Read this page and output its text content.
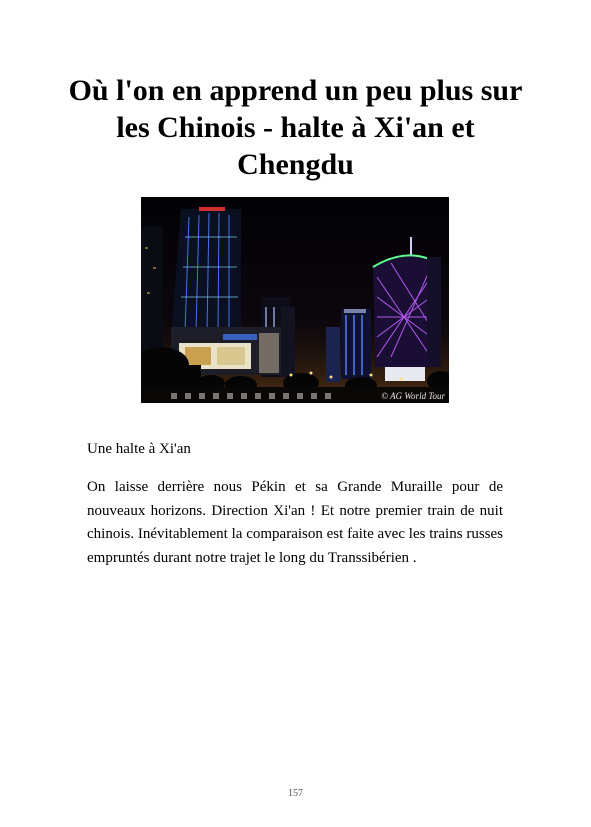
Où l'on en apprend un peu plus sur les Chinois - halte à Xi'an et Chengdu
© AG World Tour
Une halte à Xi'an

On laisse derrière nous Pékin et sa Grande Muraille pour de nouveaux horizons. Direction Xi'an ! Et notre premier train de nuit chinois. Inévitablement la comparaison est faite avec les trains russes empruntés durant notre trajet le long du Transsibérien .

157
